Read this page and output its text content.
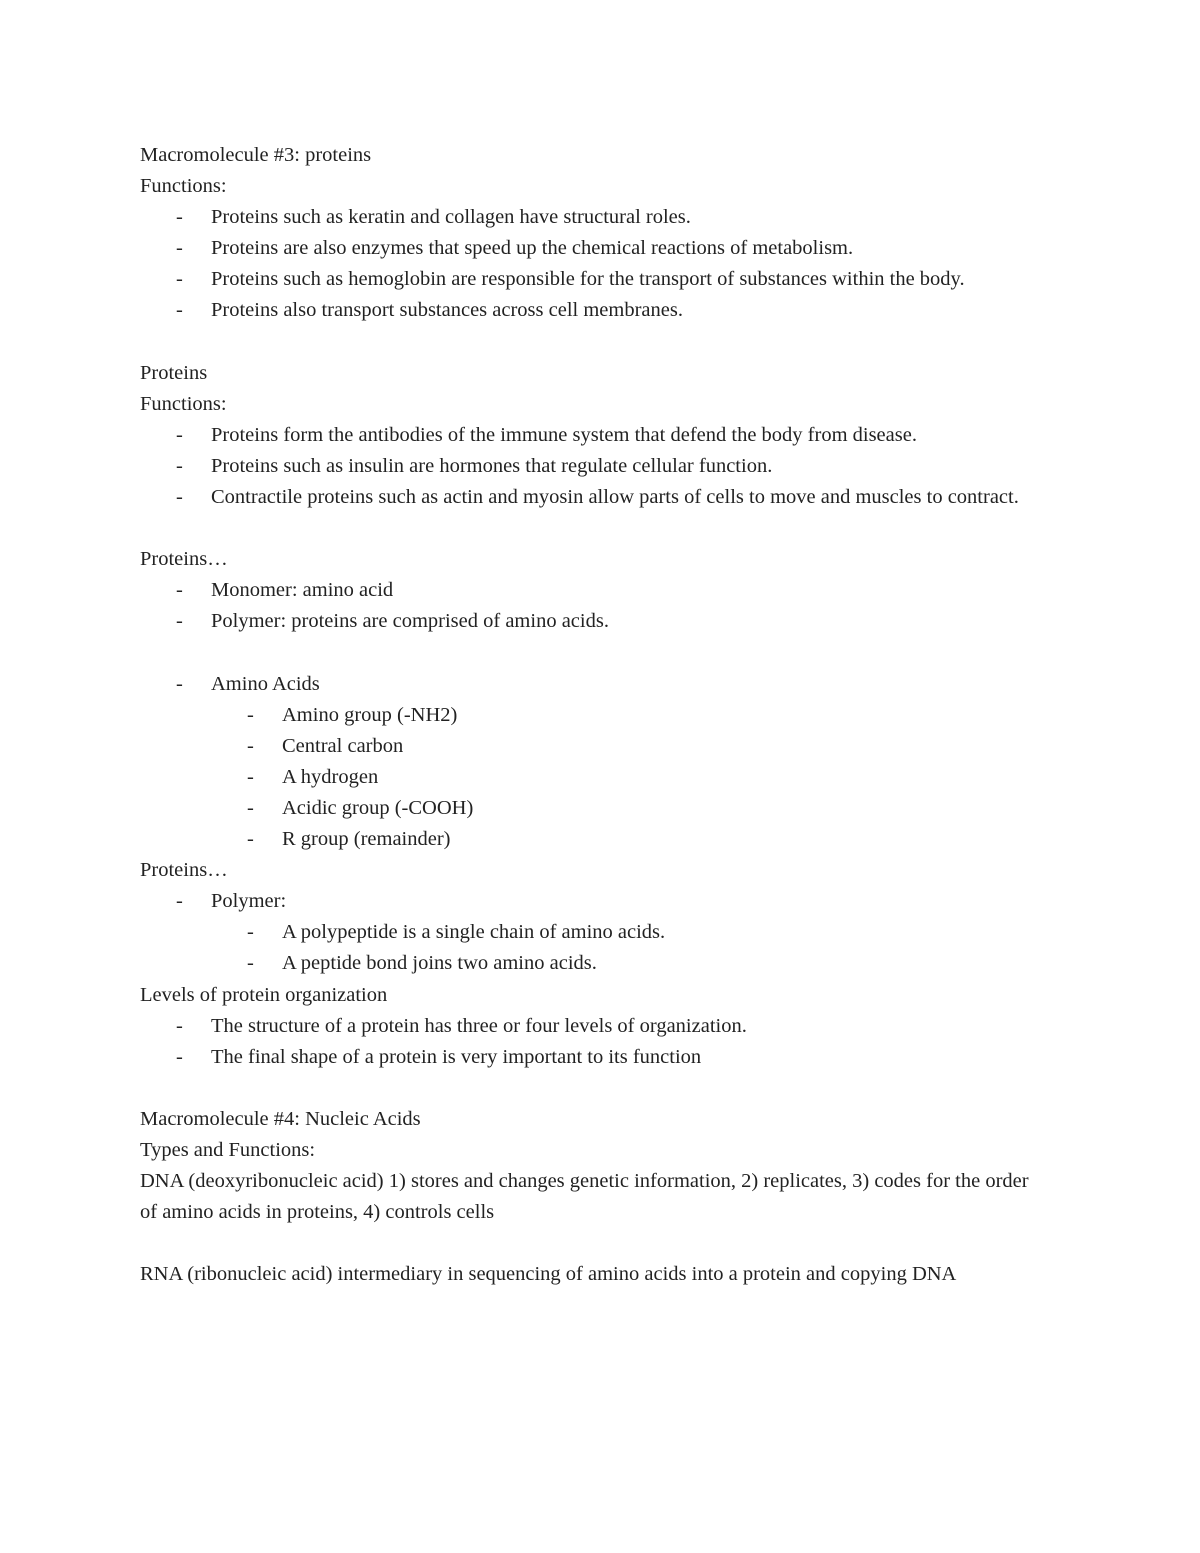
Macromolecule #3: proteins
Functions:
- Proteins such as keratin and collagen have structural roles.
- Proteins are also enzymes that speed up the chemical reactions of metabolism.
- Proteins such as hemoglobin are responsible for the transport of substances within the body.
- Proteins also transport substances across cell membranes.
Proteins
Functions:
- Proteins form the antibodies of the immune system that defend the body from disease.
- Proteins such as insulin are hormones that regulate cellular function.
- Contractile proteins such as actin and myosin allow parts of cells to move and muscles to contract.
Proteins…
- Monomer: amino acid
- Polymer: proteins are comprised of amino acids.
- Amino Acids
- Amino group (-NH2)
- Central carbon
- A hydrogen
- Acidic group (-COOH)
- R group (remainder)
Proteins…
- Polymer:
- A polypeptide is a single chain of amino acids.
- A peptide bond joins two amino acids.
Levels of protein organization
- The structure of a protein has three or four levels of organization.
- The final shape of a protein is very important to its function
Macromolecule #4: Nucleic Acids
Types and Functions:
DNA (deoxyribonucleic acid) 1) stores and changes genetic information, 2) replicates, 3) codes for the order of amino acids in proteins, 4) controls cells
RNA (ribonucleic acid) intermediary in sequencing of amino acids into a protein and copying DNA
